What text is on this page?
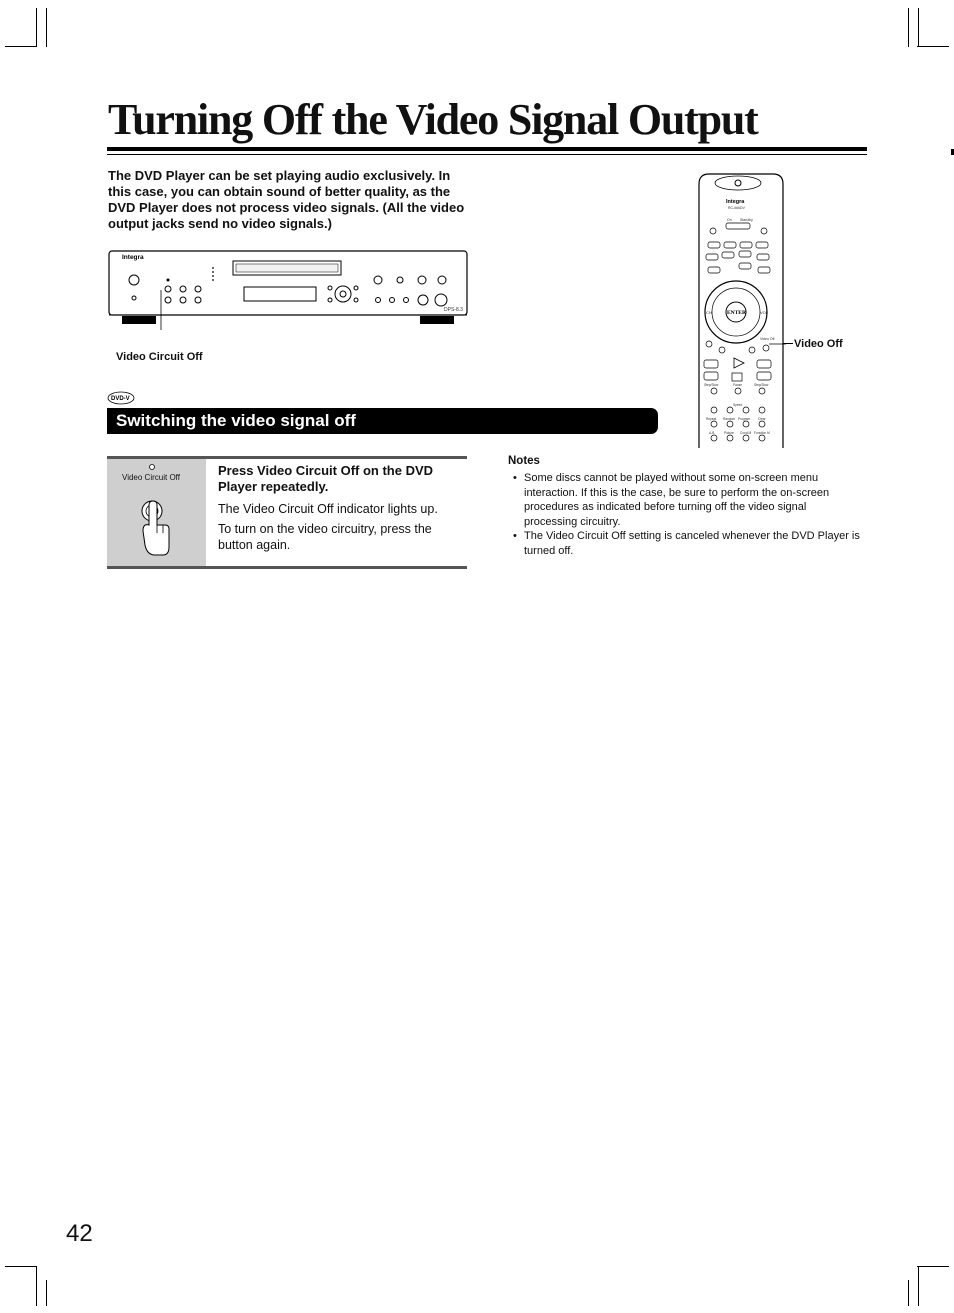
Turning Off the Video Signal Output
The DVD Player can be set playing audio exclusively. In this case, you can obtain sound of better quality, as the DVD Player does not process video signals. (All the video output jacks send no video signals.)
Integra
DPS-8.3
Video Circuit Off
DVD-V
Switching the video signal off
Integra
RC-###DV
On Standby
ENTER
CH	VOL
Video Off
Step/Slow	Pause	Step/Slow
Speed
Repeat Random Program Clear
A-B	Picture Cond.M Function M
Video Off
Video Circuit Off	Press Video Circuit Off on the DVD Player repeatedly.
The Video Circuit Off indicator lights up.
To turn on the video circuitry, press the button again.
Notes
• Some discs cannot be played without some on-screen menu interaction. If this is the case, be sure to perform the on-screen procedures as indicated before turning off the video signal processing circuitry.
• The Video Circuit Off setting is canceled whenever the DVD Player is turned off.
42
